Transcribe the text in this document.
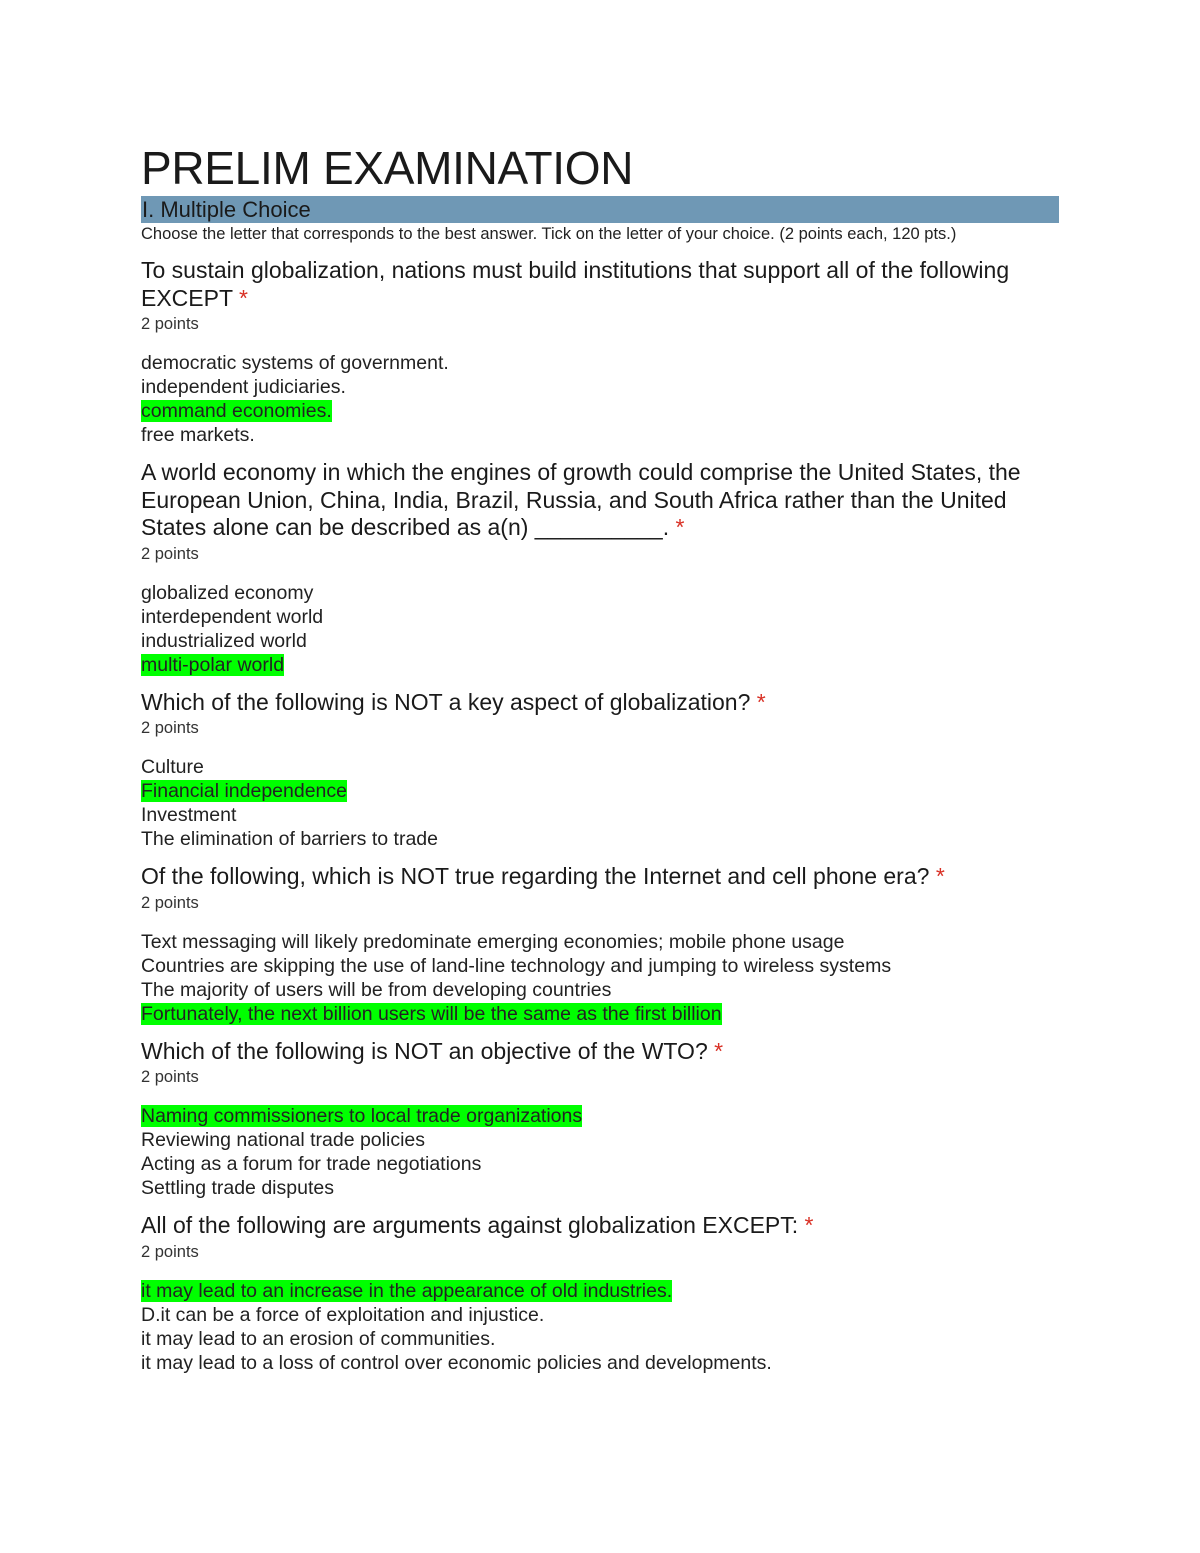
PRELIM EXAMINATION
I. Multiple Choice
Choose the letter that corresponds to the best answer. Tick on the letter of your choice. (2 points each, 120 pts.)
To sustain globalization, nations must build institutions that support all of the following EXCEPT *
2 points
democratic systems of government.
independent judiciaries.
command economies.
free markets.
A world economy in which the engines of growth could comprise the United States, the European Union, China, India, Brazil, Russia, and South Africa rather than the United States alone can be described as a(n) __________. *
2 points
globalized economy
interdependent world
industrialized world
multi-polar world
Which of the following is NOT a key aspect of globalization? *
2 points
Culture
Financial independence
Investment
The elimination of barriers to trade
Of the following, which is NOT true regarding the Internet and cell phone era? *
2 points
Text messaging will likely predominate emerging economies; mobile phone usage
Countries are skipping the use of land-line technology and jumping to wireless systems
The majority of users will be from developing countries
Fortunately, the next billion users will be the same as the first billion
Which of the following is NOT an objective of the WTO? *
2 points
Naming commissioners to local trade organizations
Reviewing national trade policies
Acting as a forum for trade negotiations
Settling trade disputes
All of the following are arguments against globalization EXCEPT: *
2 points
it may lead to an increase in the appearance of old industries.
D.it can be a force of exploitation and injustice.
it may lead to an erosion of communities.
it may lead to a loss of control over economic policies and developments.
